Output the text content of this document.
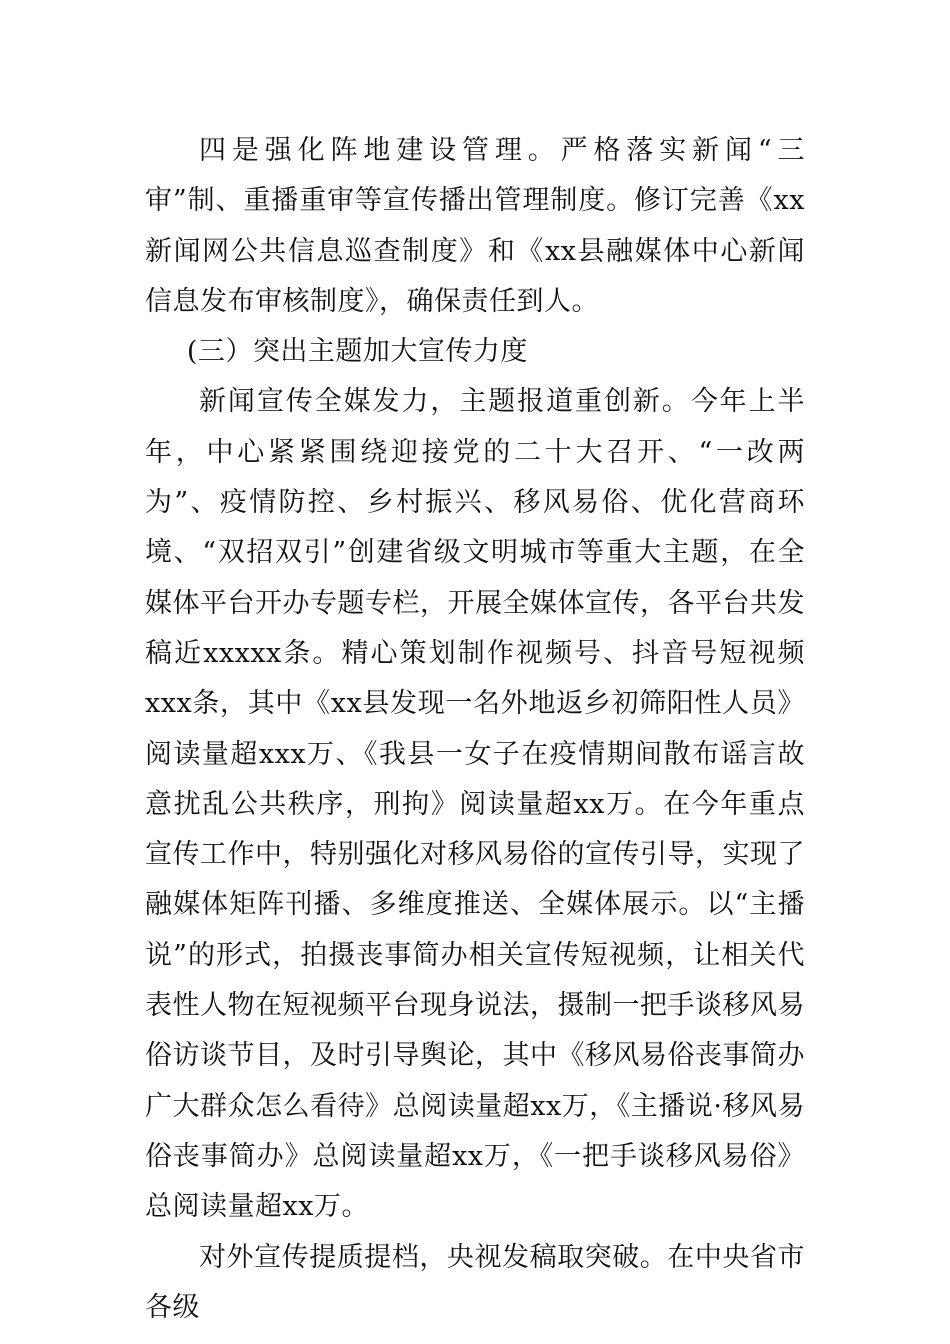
四是强化阵地建设管理。严格落实新闻“三审”制、重播重审等宣传播出管理制度。修订完善《xx新闻网公共信息巡查制度》和《xx县融媒体中心新闻信息发布审核制度》，确保责任到人。

(三）突出主题加大宣传力度

新闻宣传全媒发力，主题报道重创新。今年上半年，中心紧紧围绕迎接党的二十大召开、“一改两为”、疫情防控、乡村振兴、移风易俗、优化营商环境、“双招双引”创建省级文明城市等重大主题，在全媒体平台开办专题专栏，开展全媒体宣传，各平台共发稿近xxxxx条。精心策划制作视频号、抖音号短视频xxx条，其中《xx县发现一名外地返乡初筛阳性人员》阅读量超xxx万、《我县一女子在疫情期间散布谣言故意扰乱公共秩序，刑拘》阅读量超xx万。在今年重点宣传工作中，特别强化对移风易俗的宣传引导，实现了融媒体矩阵刊播、多维度推送、全媒体展示。以“主播说”的形式，拍摄丧事简办相关宣传短视频，让相关代表性人物在短视频平台现身说法，摄制一把手谈移风易俗访谈节目，及时引导舆论，其中《移风易俗丧事简办广大群众怎么看待》总阅读量超xx万，《主播说·移风易俗丧事简办》总阅读量超xx万，《一把手谈移风易俗》总阅读量超xx万。

对外宣传提质提档，央视发稿取突破。在中央省市各级
